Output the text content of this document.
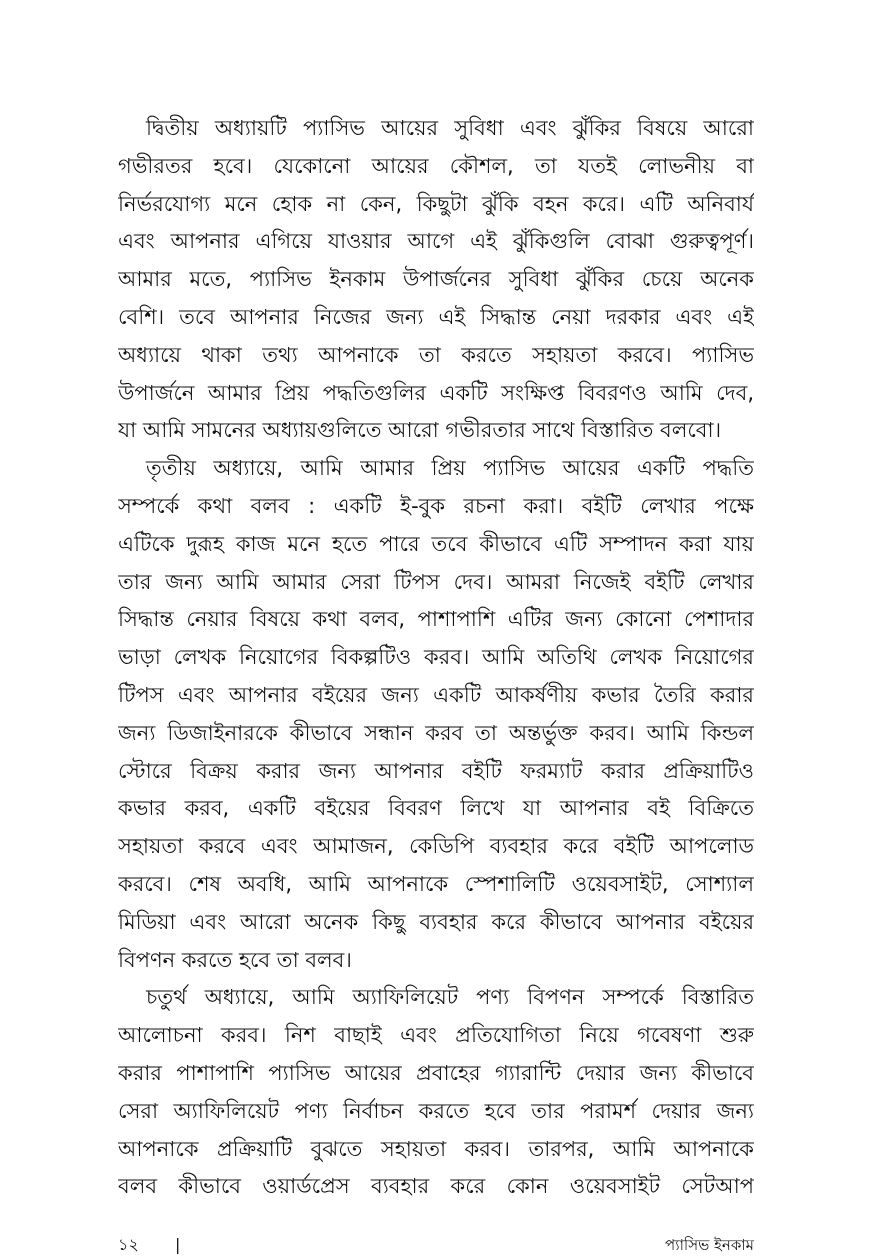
দ্বিতীয় অধ্যায়টি প্যাসিভ আয়ের সুবিধা এবং ঝুঁকির বিষয়ে আরো
গভীরতর হবে। যেকোনো আয়ের কৌশল, তা যতই লোভনীয় বা
নির্ভরযোগ্য মনে হোক না কেন, কিছুটা ঝুঁকি বহন করে। এটি অনিবার্য
এবং আপনার এগিয়ে যাওয়ার আগে এই ঝুঁকিগুলি বোঝা গুরুত্বপূর্ণ।
আমার মতে, প্যাসিভ ইনকাম উপার্জনের সুবিধা ঝুঁকির চেয়ে অনেক
বেশি। তবে আপনার নিজের জন্য এই সিদ্ধান্ত নেয়া দরকার এবং এই
অধ্যায়ে থাকা তথ্য আপনাকে তা করতে সহায়তা করবে। প্যাসিভ
উপার্জনে আমার প্রিয় পদ্ধতিগুলির একটি সংক্ষিপ্ত বিবরণও আমি দেব,
যা আমি সামনের অধ্যায়গুলিতে আরো গভীরতার সাথে বিস্তারিত বলবো।
তৃতীয় অধ্যায়ে, আমি আমার প্রিয় প্যাসিভ আয়ের একটি পদ্ধতি
সম্পর্কে কথা বলব : একটি ই-বুক রচনা করা। বইটি লেখার পক্ষে
এটিকে দুরূহ কাজ মনে হতে পারে তবে কীভাবে এটি সম্পাদন করা যায়
তার জন্য আমি আমার সেরা টিপস দেব। আমরা নিজেই বইটি লেখার
সিদ্ধান্ত নেয়ার বিষয়ে কথা বলব, পাশাপাশি এটির জন্য কোনো পেশাদার
ভাড়া লেখক নিয়োগের বিকল্পটিও করব। আমি অতিথি লেখক নিয়োগের
টিপস এবং আপনার বইয়ের জন্য একটি আকর্ষণীয় কভার তৈরি করার
জন্য ডিজাইনারকে কীভাবে সন্ধান করব তা অন্তর্ভুক্ত করব। আমি কিন্ডল
স্টোরে বিক্রয় করার জন্য আপনার বইটি ফরম্যাট করার প্রক্রিয়াটিও
কভার করব, একটি বইয়ের বিবরণ লিখে যা আপনার বই বিক্রিতে
সহায়তা করবে এবং আমাজন, কেডিপি ব্যবহার করে বইটি আপলোড
করবে। শেষ অবধি, আমি আপনাকে স্পেশালিটি ওয়েবসাইট, সোশ্যাল
মিডিয়া এবং আরো অনেক কিছু ব্যবহার করে কীভাবে আপনার বইয়ের
বিপণন করতে হবে তা বলব।
চতুর্থ অধ্যায়ে, আমি অ্যাফিলিয়েট পণ্য বিপণন সম্পর্কে বিস্তারিত
আলোচনা করব। নিশ বাছাই এবং প্রতিযোগিতা নিয়ে গবেষণা শুরু
করার পাশাপাশি প্যাসিভ আয়ের প্রবাহের গ্যারান্টি দেয়ার জন্য কীভাবে
সেরা অ্যাফিলিয়েট পণ্য নির্বাচন করতে হবে তার পরামর্শ দেয়ার জন্য
আপনাকে প্রক্রিয়াটি বুঝতে সহায়তা করব। তারপর, আমি আপনাকে
বলব কীভাবে ওয়ার্ডপ্রেস ব্যবহার করে কোন ওয়েবসাইট সেটআপ
১২ |	প্যাসিভ ইনকাম
